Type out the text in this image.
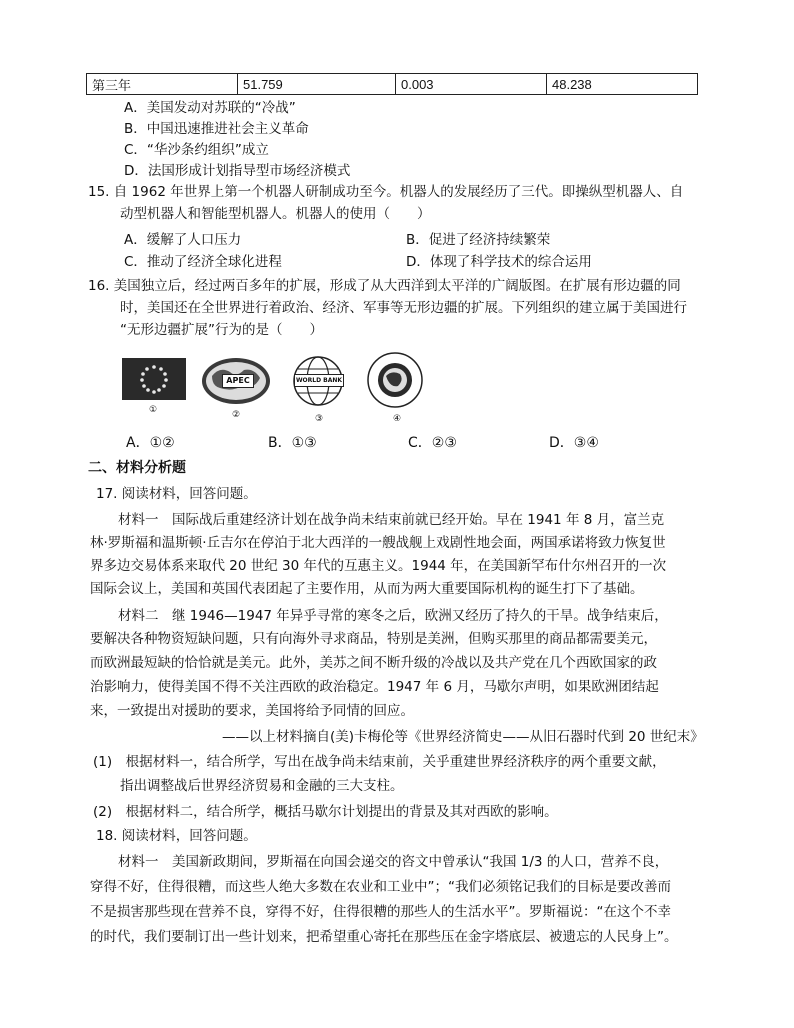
第三年	51.759	0.003	48.238
A．美国发动对苏联的“冷战”
B．中国迅速推进社会主义革命
C．“华沙条约组织”成立
D．法国形成计划指导型市场经济模式
15. 自 1962 年世界上第一个机器人研制成功至今。机器人的发展经历了三代。即操纵型机器人、自
动型机器人和智能型机器人。机器人的使用（　　）
A．缓解了人口压力	B．促进了经济持续繁荣
C．推动了经济全球化进程	D．体现了科学技术的综合运用
16. 美国独立后，经过两百多年的扩展，形成了从大西洋到太平洋的广阔版图。在扩展有形边疆的同
时，美国还在全世界进行着政治、经济、军事等无形边疆的扩展。下列组织的建立属于美国进行
“无形边疆扩展”行为的是（　　）
①
APEC
②
WORLD BANK
③	④
A．①②	B．①③	C．②③	D．③④
二、材料分析题
17. 阅读材料，回答问题。
材料一　国际战后重建经济计划在战争尚未结束前就已经开始。早在 1941 年 8 月，富兰克
林·罗斯福和温斯顿·丘吉尔在停泊于北大西洋的一艘战舰上戏剧性地会面，两国承诺将致力恢复世
界多边交易体系来取代 20 世纪 30 年代的互惠主义。1944 年，在美国新罕布什尔州召开的一次
国际会议上，美国和英国代表团起了主要作用，从而为两大重要国际机构的诞生打下了基础。
材料二　继 1946—1947 年异乎寻常的寒冬之后，欧洲又经历了持久的干旱。战争结束后，
要解决各种物资短缺问题，只有向海外寻求商品，特别是美洲，但购买那里的商品都需要美元，
而欧洲最短缺的恰恰就是美元。此外，美苏之间不断升级的冷战以及共产党在几个西欧国家的政
治影响力，使得美国不得不关注西欧的政治稳定。1947 年 6 月，马歇尔声明，如果欧洲团结起
来，一致提出对援助的要求，美国将给予同情的回应。
——以上材料摘自(美)卡梅伦等《世界经济简史——从旧石器时代到 20 世纪末》
(1)　根据材料一，结合所学，写出在战争尚未结束前，关乎重建世界经济秩序的两个重要文献，
指出调整战后世界经济贸易和金融的三大支柱。
(2)　根据材料二，结合所学，概括马歇尔计划提出的背景及其对西欧的影响。
18. 阅读材料，回答问题。
材料一　美国新政期间，罗斯福在向国会递交的咨文中曾承认“我国 1/3 的人口，营养不良，
穿得不好，住得很糟，而这些人绝大多数在农业和工业中”；“我们必须铭记我们的目标是要改善而
不是损害那些现在营养不良，穿得不好，住得很糟的那些人的生活水平”。罗斯福说：“在这个不幸
的时代，我们要制订出一些计划来，把希望重心寄托在那些压在金字塔底层、被遗忘的人民身上”。
